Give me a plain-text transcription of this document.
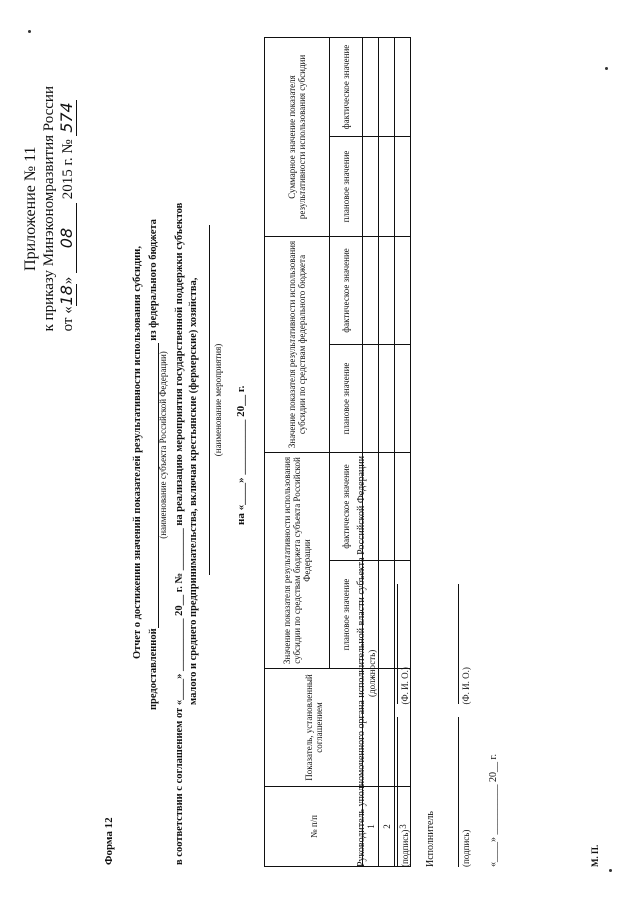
Приложение № 11 к приказу Минэкономразвития России от «18» 08 2015 г. № 574
Форма 12
Отчет о достижении значений показателей результативности использования субсидии,
предоставленной из федерального бюджета
(наименование субъекта Российской Федерации) в соответствии с соглашением от «____» __________ 20__ г. № ________ на реализацию мероприятия государственной поддержки субъектов малого и среднего предпринимательства, включая крестьянские (фермерские) хозяйства, (наименование мероприятия) на «____» __________ 20__ г.
№ п/п	Показатель, установленный соглашением	Значение показателя результативности использования субсидии по средствам бюджета субъекта Российской Федерации		Значение показателя результативности использования субсидии по средствам федерального бюджета		Суммарное значение показателя результативности использования субсидии	
		плановое значение	фактическое значение	плановое значение	фактическое значение	плановое значение	фактическое значение
1							
2							
3							
Руководитель уполномоченного органа исполнительной власти субъекта Российской Федерации (должность)

(подпись) (Ф. И. О.)
Исполнитель
	(подпись) (Ф. И. О.)
«____» __________ 20__ г.	М. П.
